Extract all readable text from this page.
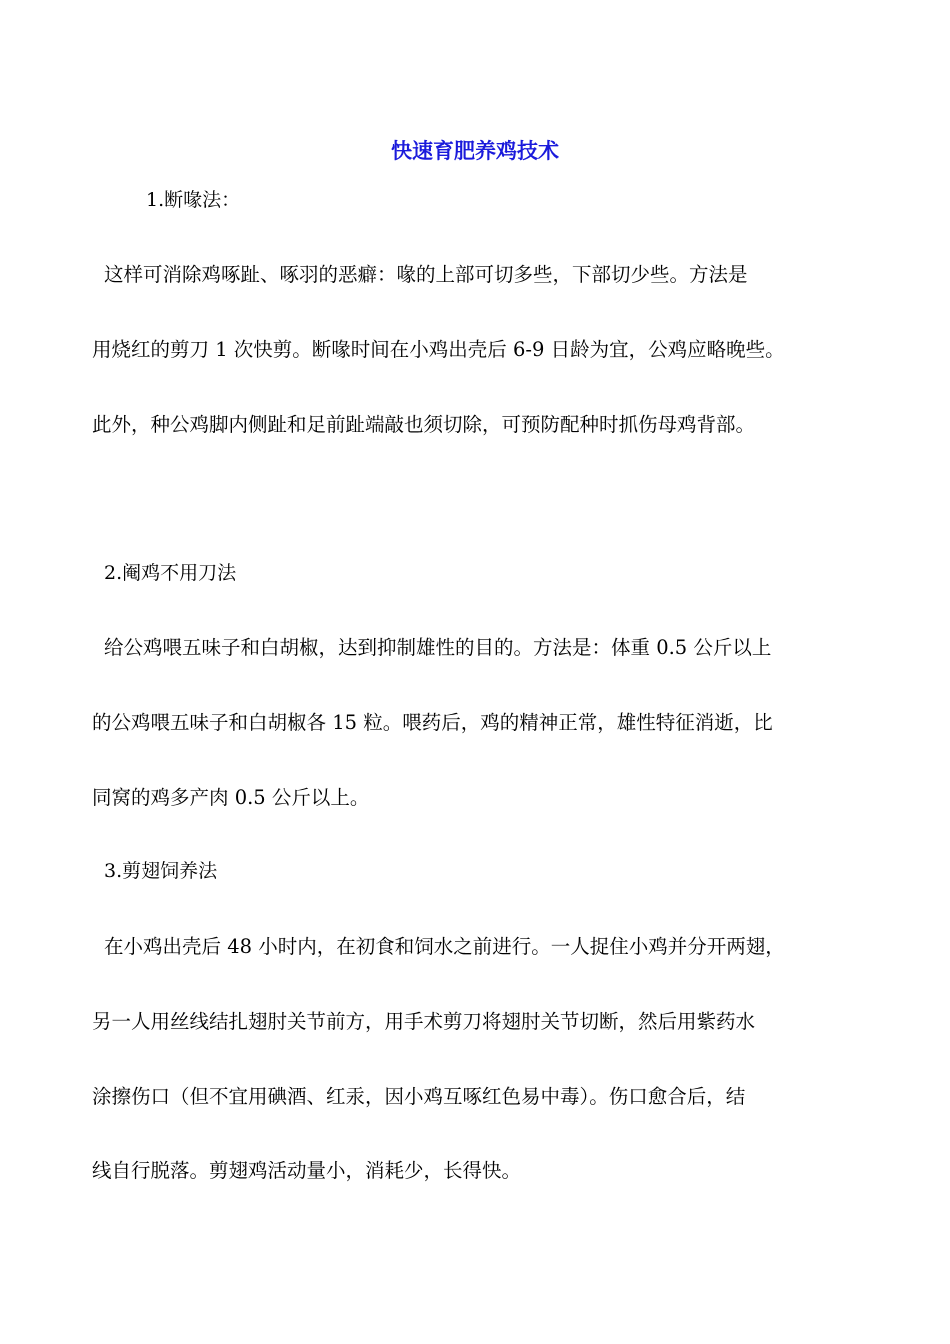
快速育肥养鸡技术

1.断喙法：

这样可消除鸡啄趾、啄羽的恶癖：喙的上部可切多些，下部切少些。方法是

用烧红的剪刀 1 次快剪。断喙时间在小鸡出壳后 6-9 日龄为宜，公鸡应略晚些。

此外，种公鸡脚内侧趾和足前趾端敲也须切除，可预防配种时抓伤母鸡背部。

2.阉鸡不用刀法

给公鸡喂五味子和白胡椒，达到抑制雄性的目的。方法是：体重 0.5 公斤以上

的公鸡喂五味子和白胡椒各 15 粒。喂药后，鸡的精神正常，雄性特征消逝，比

同窝的鸡多产肉 0.5 公斤以上。

3.剪翅饲养法

在小鸡出壳后 48 小时内，在初食和饲水之前进行。一人捉住小鸡并分开两翅，

另一人用丝线结扎翅肘关节前方，用手术剪刀将翅肘关节切断，然后用紫药水

涂擦伤口（但不宜用碘酒、红汞，因小鸡互啄红色易中毒）。伤口愈合后，结

线自行脱落。剪翅鸡活动量小，消耗少，长得快。
